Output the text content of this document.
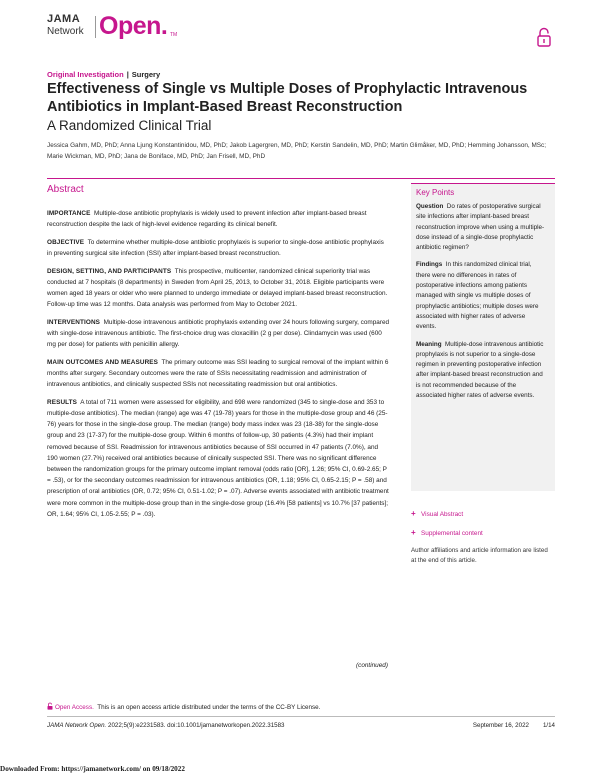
JAMA
Network Open. TM
Original Investigation | Surgery
Effectiveness of Single vs Multiple Doses of Prophylactic Intravenous Antibiotics in Implant-Based Breast Reconstruction
A Randomized Clinical Trial

Jessica Gahm, MD, PhD; Anna Ljung Konstantinidou, MD, PhD; Jakob Lagergren, MD, PhD; Kerstin Sandelin, MD, PhD; Martin Glimåker, MD, PhD; Hemming Johansson, MSc; Marie Wickman, MD, PhD; Jana de Boniface, MD, PhD; Jan Frisell, MD, PhD

Abstract

IMPORTANCE Multiple-dose antibiotic prophylaxis is widely used to prevent infection after implant-based breast reconstruction despite the lack of high-level evidence regarding its clinical benefit.

OBJECTIVE To determine whether multiple-dose antibiotic prophylaxis is superior to single-dose antibiotic prophylaxis in preventing surgical site infection (SSI) after implant-based breast reconstruction.

DESIGN, SETTING, AND PARTICIPANTS This prospective, multicenter, randomized clinical superiority trial was conducted at 7 hospitals (8 departments) in Sweden from April 25, 2013, to October 31, 2018. Eligible participants were women aged 18 years or older who were planned to undergo immediate or delayed implant-based breast reconstruction. Follow-up time was 12 months. Data analysis was performed from May to October 2021.

INTERVENTIONS Multiple-dose intravenous antibiotic prophylaxis extending over 24 hours following surgery, compared with single-dose intravenous antibiotic. The first-choice drug was cloxacillin (2 g per dose). Clindamycin was used (600 mg per dose) for patients with penicillin allergy.

MAIN OUTCOMES AND MEASURES The primary outcome was SSI leading to surgical removal of the implant within 6 months after surgery. Secondary outcomes were the rate of SSIs necessitating readmission and administration of intravenous antibiotics, and clinically suspected SSIs not necessitating readmission but oral antibiotics.

RESULTS A total of 711 women were assessed for eligibility, and 698 were randomized (345 to single-dose and 353 to multiple-dose antibiotics). The median (range) age was 47 (19-78) years for those in the multiple-dose group and 46 (25-76) years for those in the single-dose group. The median (range) body mass index was 23 (18-38) for the single-dose group and 23 (17-37) for the multiple-dose group. Within 6 months of follow-up, 30 patients (4.3%) had their implant removed because of SSI. Readmission for intravenous antibiotics because of SSI occurred in 47 patients (7.0%), and 190 women (27.7%) received oral antibiotics because of clinically suspected SSI. There was no significant difference between the randomization groups for the primary outcome implant removal (odds ratio [OR], 1.26; 95% CI, 0.69-2.65; P = .53), or for the secondary outcomes readmission for intravenous antibiotics (OR, 1.18; 95% CI, 0.65-2.15; P = .58) and prescription of oral antibiotics (OR, 0.72; 95% CI, 0.51-1.02; P = .07). Adverse events associated with antibiotic treatment were more common in the multiple-dose group than in the single-dose group (16.4% [58 patients] vs 10.7% [37 patients]; OR, 1.64; 95% CI, 1.05-2.55; P = .03).

(continued)
Key Points

Question Do rates of postoperative surgical site infections after implant-based breast reconstruction improve when using a multiple-dose instead of a single-dose prophylactic antibiotic regimen?

Findings In this randomized clinical trial, there were no differences in rates of postoperative infections among patients managed with single vs multiple doses of prophylactic antibiotics; multiple doses were associated with higher rates of adverse events.

Meaning Multiple-dose intravenous antibiotic prophylaxis is not superior to a single-dose regimen in preventing postoperative infection after implant-based breast reconstruction and is not recommended because of the associated higher rates of adverse events.

+ Visual Abstract
+ Supplemental content
Author affiliations and article information are listed at the end of this article.
Open Access. This is an open access article distributed under the terms of the CC-BY License.
JAMA Network Open. 2022;5(9):e2231583. doi:10.1001/jamanetworkopen.2022.31583	September 16, 2022 1/14
Downloaded From: https://jamanetwork.com/ on 09/18/2022
